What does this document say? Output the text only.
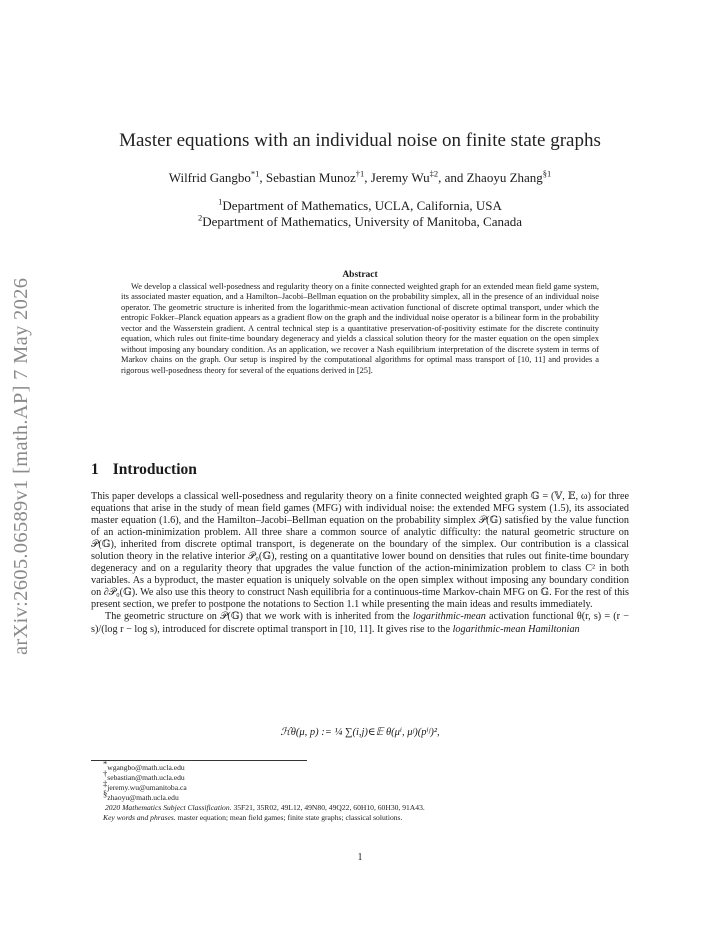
arXiv:2605.06589v1 [math.AP] 7 May 2026
Master equations with an individual noise on finite state graphs
Wilfrid Gangbo$^{*1}$, Sebastian Munoz$^{\dagger 1}$, Jeremy Wu$^{\ddagger 2}$, and Zhaoyu Zhang$^{\S 1}$
$^1$Department of Mathematics, UCLA, California, USA
$^2$Department of Mathematics, University of Manitoba, Canada
Abstract
We develop a classical well-posedness and regularity theory on a finite connected weighted graph for an extended mean field game system, its associated master equation, and a Hamilton–Jacobi–Bellman equation on the probability simplex, all in the presence of an individual noise operator. The geometric structure is inherited from the logarithmic-mean activation functional of discrete optimal transport, under which the entropic Fokker–Planck equation appears as a gradient flow on the graph and the individual noise operator is a bilinear form in the probability vector and the Wasserstein gradient. A central technical step is a quantitative preservation-of-positivity estimate for the discrete continuity equation, which rules out finite-time boundary degeneracy and yields a classical solution theory for the master equation on the open simplex without imposing any boundary condition. As an application, we recover a Nash equilibrium interpretation of the discrete system in terms of Markov chains on the graph. Our setup is inspired by the computational algorithms for optimal mass transport of [10, 11] and provides a rigorous well-posedness theory for several of the equations derived in [25].
1 Introduction

This paper develops a classical well-posedness and regularity theory on a finite connected weighted graph 𝔾 = (𝕍, 𝔼, ω) for three equations that arise in the study of mean field games (MFG) with individual noise: the extended MFG system (1.5), its associated master equation (1.6), and the Hamilton–Jacobi–Bellman equation on the probability simplex 𝒫(𝔾) satisfied by the value function of an action-minimization problem. All three share a common source of analytic difficulty: the natural geometric structure on 𝒫(𝔾), inherited from discrete optimal transport, is degenerate on the boundary of the simplex. Our contribution is a classical solution theory in the relative interior 𝒫₀(𝔾), resting on a quantitative lower bound on densities that rules out finite-time boundary degeneracy and on a regularity theory that upgrades the value function of the action-minimization problem to class C² in both variables. As a byproduct, the master equation is uniquely solvable on the open simplex without imposing any boundary condition on ∂𝒫₀(𝔾). We also use this theory to construct Nash equilibria for a continuous-time Markov-chain MFG on 𝔾. For the rest of this present section, we prefer to postpone the notations to Section 1.1 while presenting the main ideas and results immediately.

The geometric structure on 𝒫(𝔾) that we work with is inherited from the logarithmic-mean activation functional θ(r, s) = (r − s)/(log r − log s), introduced for discrete optimal transport in [10, 11]. It gives rise to the logarithmic-mean Hamiltonian

ℋθ(μ, p) := ¼ ∑(i,j)∈𝔼 θ(μⁱ, μʲ)(pⁱʲ)²,
*wgangbo@math.ucla.edu
†sebastian@math.ucla.edu
‡jeremy.wu@umanitoba.ca
§zhaoyu@math.ucla.edu
2020 Mathematics Subject Classification. 35F21, 35R02, 49L12, 49N80, 49Q22, 60H10, 60H30, 91A43.
Key words and phrases. master equation; mean field games; finite state graphs; classical solutions.
1
